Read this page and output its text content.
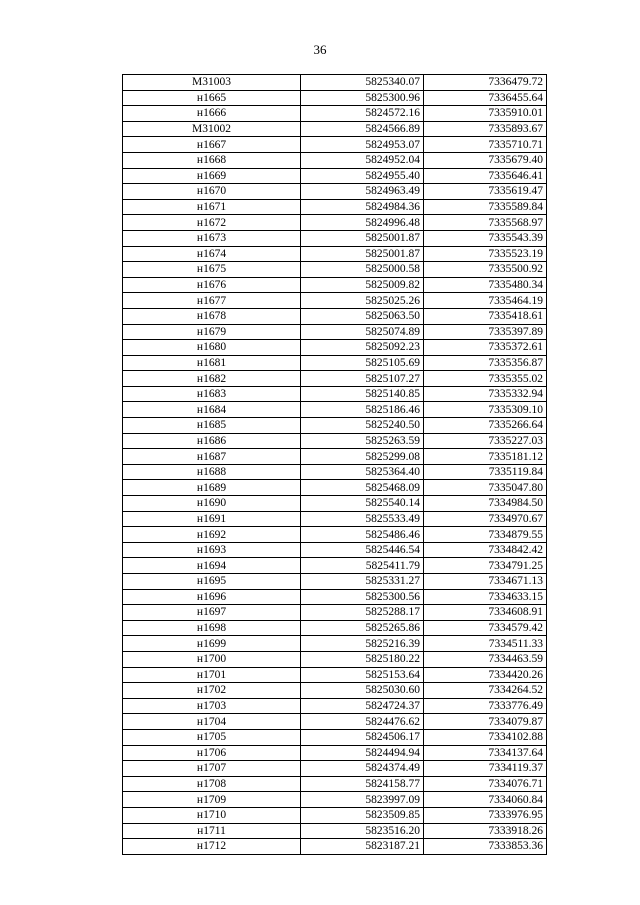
36
М31003	5825340.07	7336479.72
н1665	5825300.96	7336455.64
н1666	5824572.16	7335910.01
М31002	5824566.89	7335893.67
н1667	5824953.07	7335710.71
н1668	5824952.04	7335679.40
н1669	5824955.40	7335646.41
н1670	5824963.49	7335619.47
н1671	5824984.36	7335589.84
н1672	5824996.48	7335568.97
н1673	5825001.87	7335543.39
н1674	5825001.87	7335523.19
н1675	5825000.58	7335500.92
н1676	5825009.82	7335480.34
н1677	5825025.26	7335464.19
н1678	5825063.50	7335418.61
н1679	5825074.89	7335397.89
н1680	5825092.23	7335372.61
н1681	5825105.69	7335356.87
н1682	5825107.27	7335355.02
н1683	5825140.85	7335332.94
н1684	5825186.46	7335309.10
н1685	5825240.50	7335266.64
н1686	5825263.59	7335227.03
н1687	5825299.08	7335181.12
н1688	5825364.40	7335119.84
н1689	5825468.09	7335047.80
н1690	5825540.14	7334984.50
н1691	5825533.49	7334970.67
н1692	5825486.46	7334879.55
н1693	5825446.54	7334842.42
н1694	5825411.79	7334791.25
н1695	5825331.27	7334671.13
н1696	5825300.56	7334633.15
н1697	5825288.17	7334608.91
н1698	5825265.86	7334579.42
н1699	5825216.39	7334511.33
н1700	5825180.22	7334463.59
н1701	5825153.64	7334420.26
н1702	5825030.60	7334264.52
н1703	5824724.37	7333776.49
н1704	5824476.62	7334079.87
н1705	5824506.17	7334102.88
н1706	5824494.94	7334137.64
н1707	5824374.49	7334119.37
н1708	5824158.77	7334076.71
н1709	5823997.09	7334060.84
н1710	5823509.85	7333976.95
н1711	5823516.20	7333918.26
н1712	5823187.21	7333853.36
